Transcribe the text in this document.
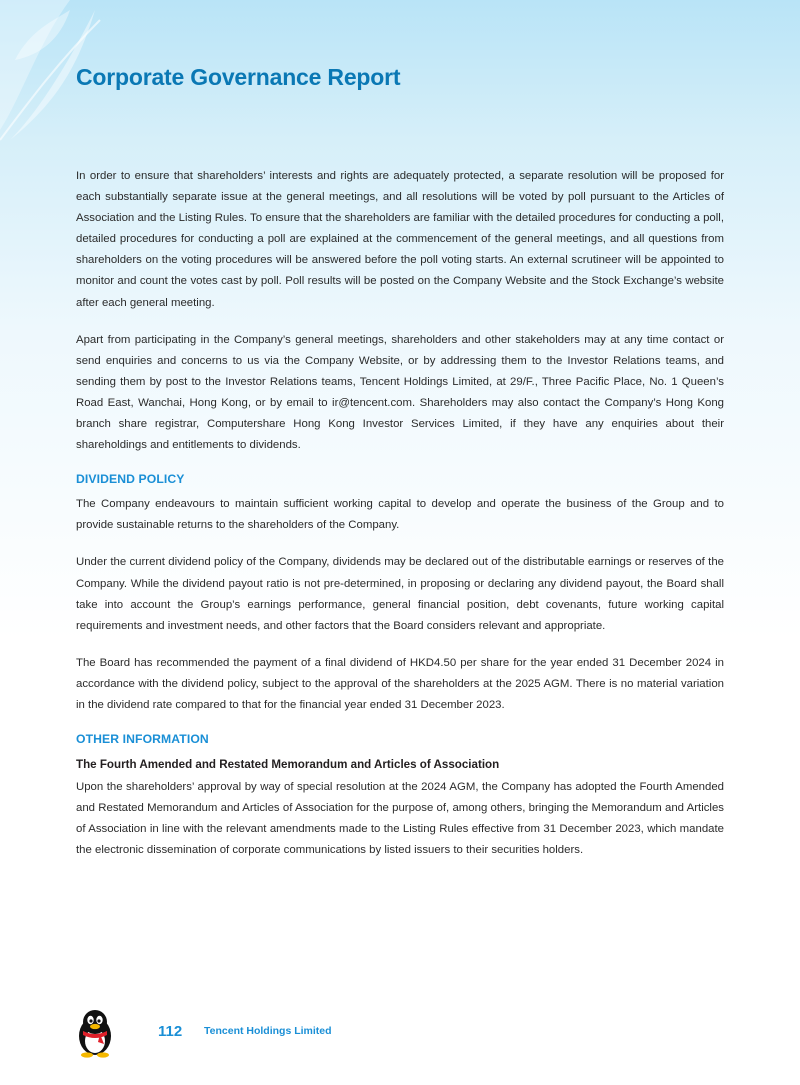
Corporate Governance Report

In order to ensure that shareholders’ interests and rights are adequately protected, a separate resolution will be proposed for each substantially separate issue at the general meetings, and all resolutions will be voted by poll pursuant to the Articles of Association and the Listing Rules. To ensure that the shareholders are familiar with the detailed procedures for conducting a poll, detailed procedures for conducting a poll are explained at the commencement of the general meetings, and all questions from shareholders on the voting procedures will be answered before the poll voting starts. An external scrutineer will be appointed to monitor and count the votes cast by poll. Poll results will be posted on the Company Website and the Stock Exchange’s website after each general meeting.

Apart from participating in the Company’s general meetings, shareholders and other stakeholders may at any time contact or send enquiries and concerns to us via the Company Website, or by addressing them to the Investor Relations teams, and sending them by post to the Investor Relations teams, Tencent Holdings Limited, at 29/F., Three Pacific Place, No. 1 Queen’s Road East, Wanchai, Hong Kong, or by email to ir@tencent.com. Shareholders may also contact the Company’s Hong Kong branch share registrar, Computershare Hong Kong Investor Services Limited, if they have any enquiries about their shareholdings and entitlements to dividends.

DIVIDEND POLICY

The Company endeavours to maintain sufficient working capital to develop and operate the business of the Group and to provide sustainable returns to the shareholders of the Company.

Under the current dividend policy of the Company, dividends may be declared out of the distributable earnings or reserves of the Company. While the dividend payout ratio is not pre-determined, in proposing or declaring any dividend payout, the Board shall take into account the Group’s earnings performance, general financial position, debt covenants, future working capital requirements and investment needs, and other factors that the Board considers relevant and appropriate.

The Board has recommended the payment of a final dividend of HKD4.50 per share for the year ended 31 December 2024 in accordance with the dividend policy, subject to the approval of the shareholders at the 2025 AGM. There is no material variation in the dividend rate compared to that for the financial year ended 31 December 2023.

OTHER INFORMATION
The Fourth Amended and Restated Memorandum and Articles of Association

Upon the shareholders’ approval by way of special resolution at the 2024 AGM, the Company has adopted the Fourth Amended and Restated Memorandum and Articles of Association for the purpose of, among others, bringing the Memorandum and Articles of Association in line with the relevant amendments made to the Listing Rules effective from 31 December 2023, which mandate the electronic dissemination of corporate communications by listed issuers to their securities holders.

112 Tencent Holdings Limited
